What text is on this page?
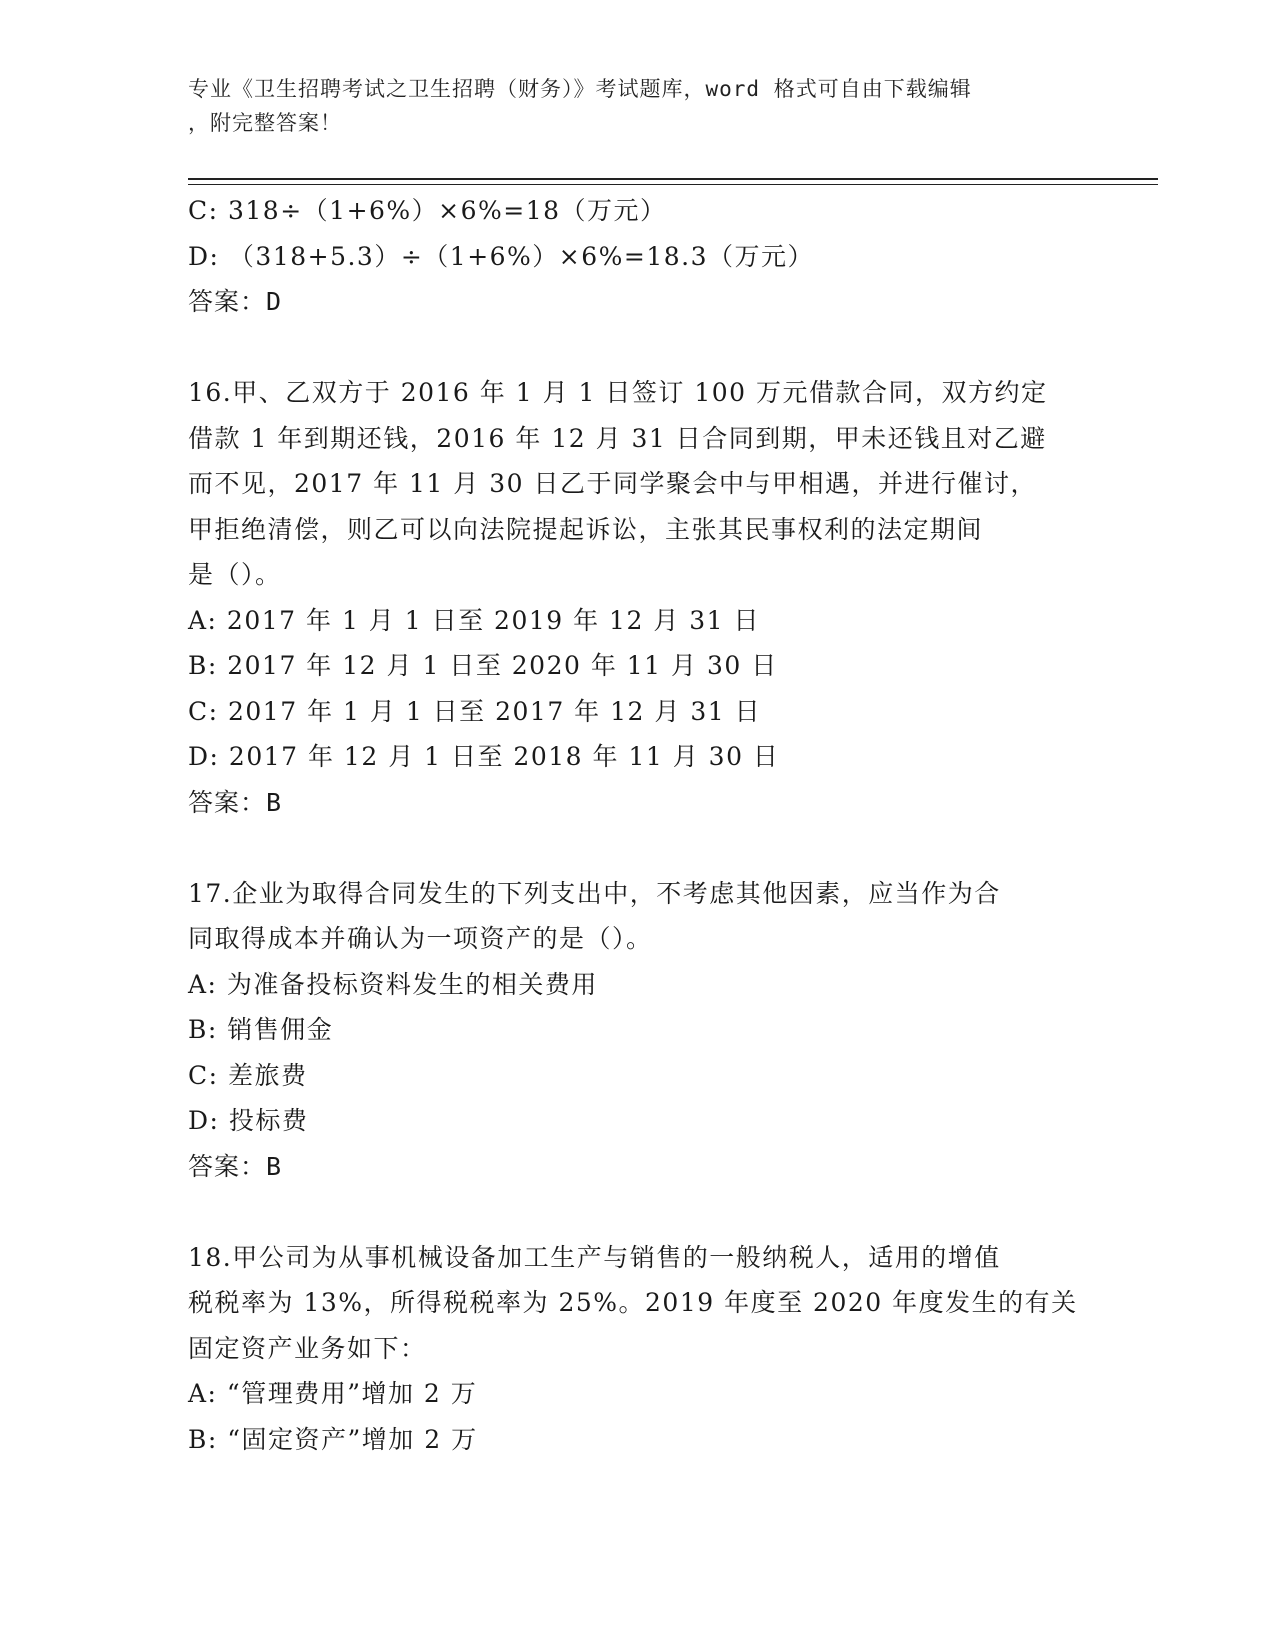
专业《卫生招聘考试之卫生招聘（财务）》考试题库，word 格式可自由下载编辑
，附完整答案！
C: 318÷（1+6%）×6%=18（万元）
D: （318+5.3）÷（1+6%）×6%=18.3（万元）
答案：D
16.甲、乙双方于 2016 年 1 月 1 日签订 100 万元借款合同，双方约定
借款 1 年到期还钱，2016 年 12 月 31 日合同到期，甲未还钱且对乙避
而不见，2017 年 11 月 30 日乙于同学聚会中与甲相遇，并进行催讨，
甲拒绝清偿，则乙可以向法院提起诉讼，主张其民事权利的法定期间
是（）。
A: 2017 年 1 月 1 日至 2019 年 12 月 31 日
B: 2017 年 12 月 1 日至 2020 年 11 月 30 日
C: 2017 年 1 月 1 日至 2017 年 12 月 31 日
D: 2017 年 12 月 1 日至 2018 年 11 月 30 日
答案：B
17.企业为取得合同发生的下列支出中，不考虑其他因素，应当作为合
同取得成本并确认为一项资产的是（）。
A: 为准备投标资料发生的相关费用
B: 销售佣金
C: 差旅费
D: 投标费
答案：B
18.甲公司为从事机械设备加工生产与销售的一般纳税人，适用的增值
税税率为 13%，所得税税率为 25%。2019 年度至 2020 年度发生的有关
固定资产业务如下：
A: “管理费用”增加 2 万
B: “固定资产”增加 2 万
